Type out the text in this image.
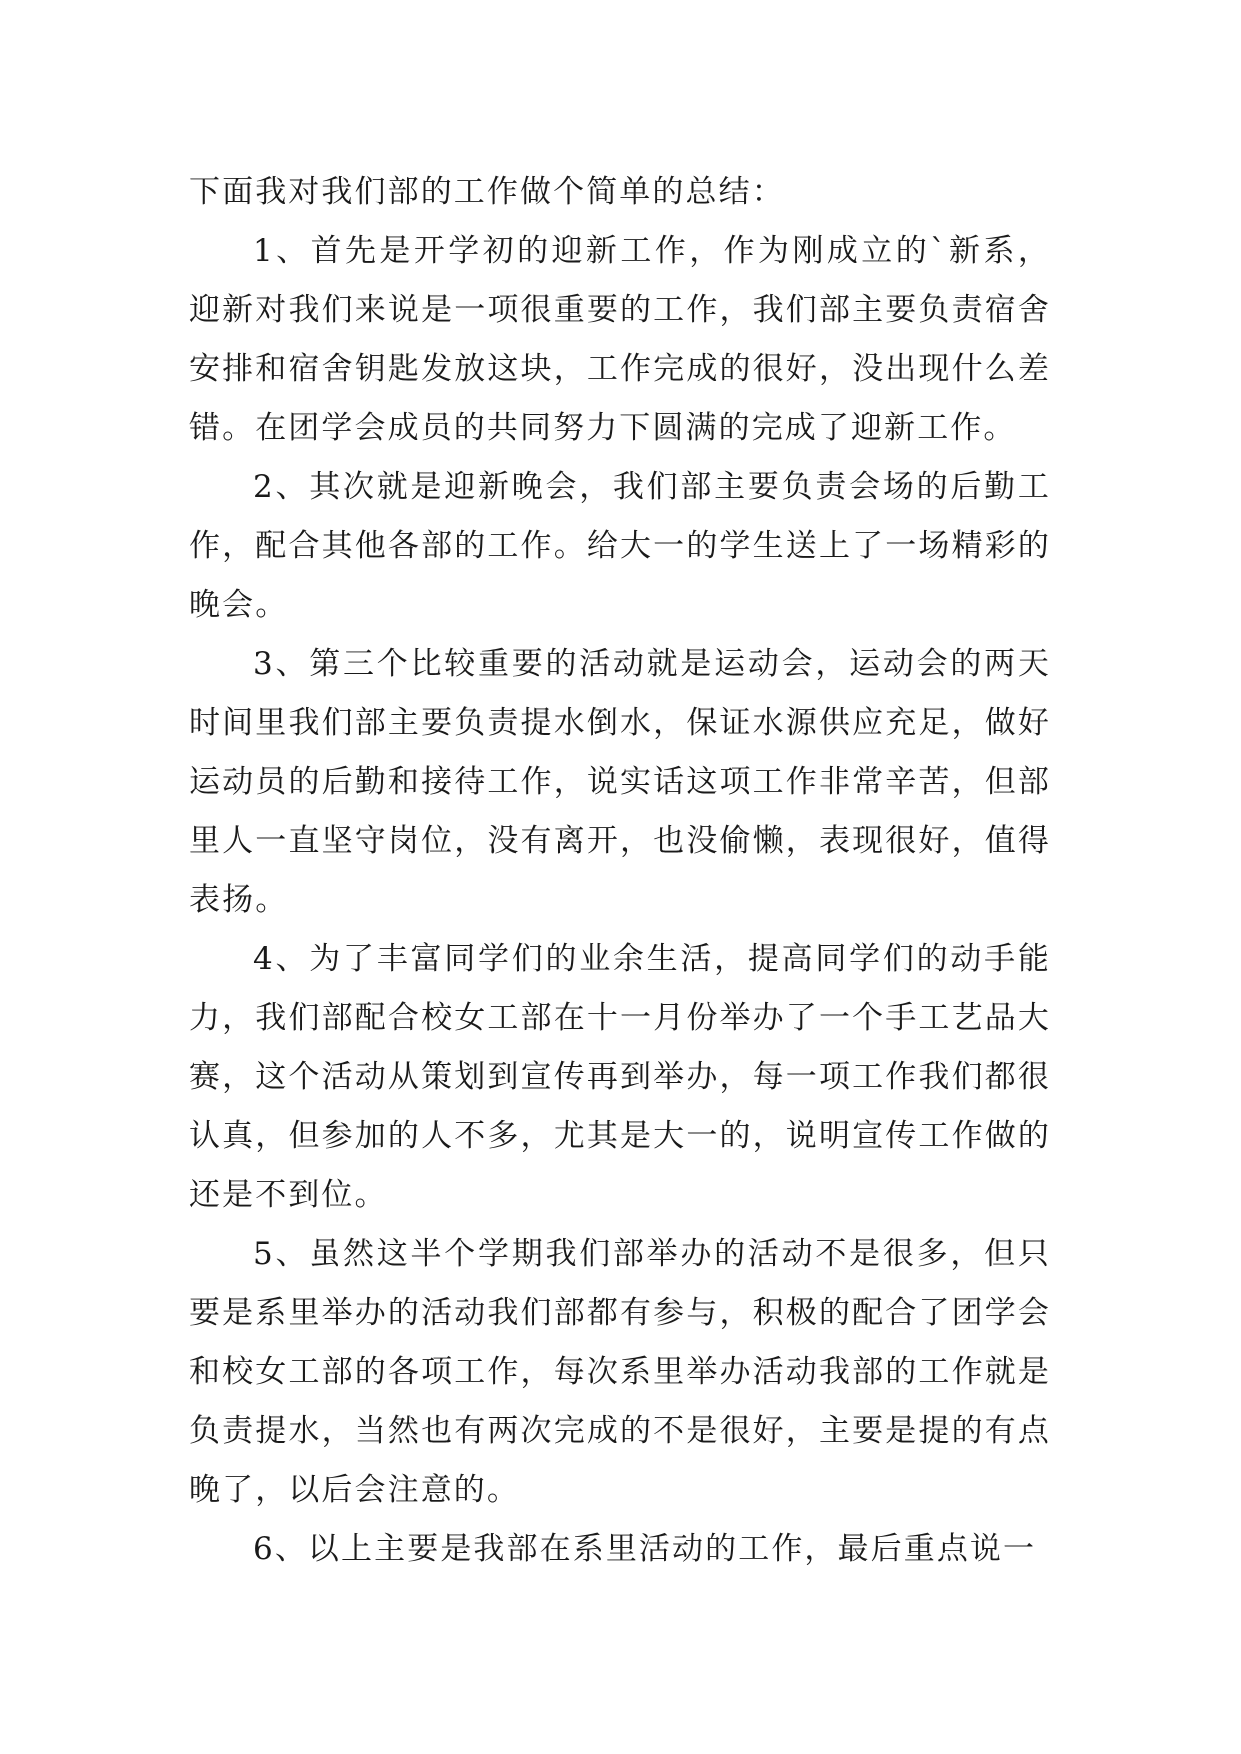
下面我对我们部的工作做个简单的总结：

1、首先是开学初的迎新工作，作为刚成立的`新系，迎新对我们来说是一项很重要的工作，我们部主要负责宿舍安排和宿舍钥匙发放这块，工作完成的很好，没出现什么差错。在团学会成员的共同努力下圆满的完成了迎新工作。

2、其次就是迎新晚会，我们部主要负责会场的后勤工作，配合其他各部的工作。给大一的学生送上了一场精彩的晚会。

3、第三个比较重要的活动就是运动会，运动会的两天时间里我们部主要负责提水倒水，保证水源供应充足，做好运动员的后勤和接待工作，说实话这项工作非常辛苦，但部里人一直坚守岗位，没有离开，也没偷懒，表现很好，值得表扬。

4、为了丰富同学们的业余生活，提高同学们的动手能力，我们部配合校女工部在十一月份举办了一个手工艺品大赛，这个活动从策划到宣传再到举办，每一项工作我们都很认真，但参加的人不多，尤其是大一的，说明宣传工作做的还是不到位。

5、虽然这半个学期我们部举办的活动不是很多，但只要是系里举办的活动我们部都有参与，积极的配合了团学会和校女工部的各项工作，每次系里举办活动我部的工作就是负责提水，当然也有两次完成的不是很好，主要是提的有点晚了，以后会注意的。

6、以上主要是我部在系里活动的工作，最后重点说一
